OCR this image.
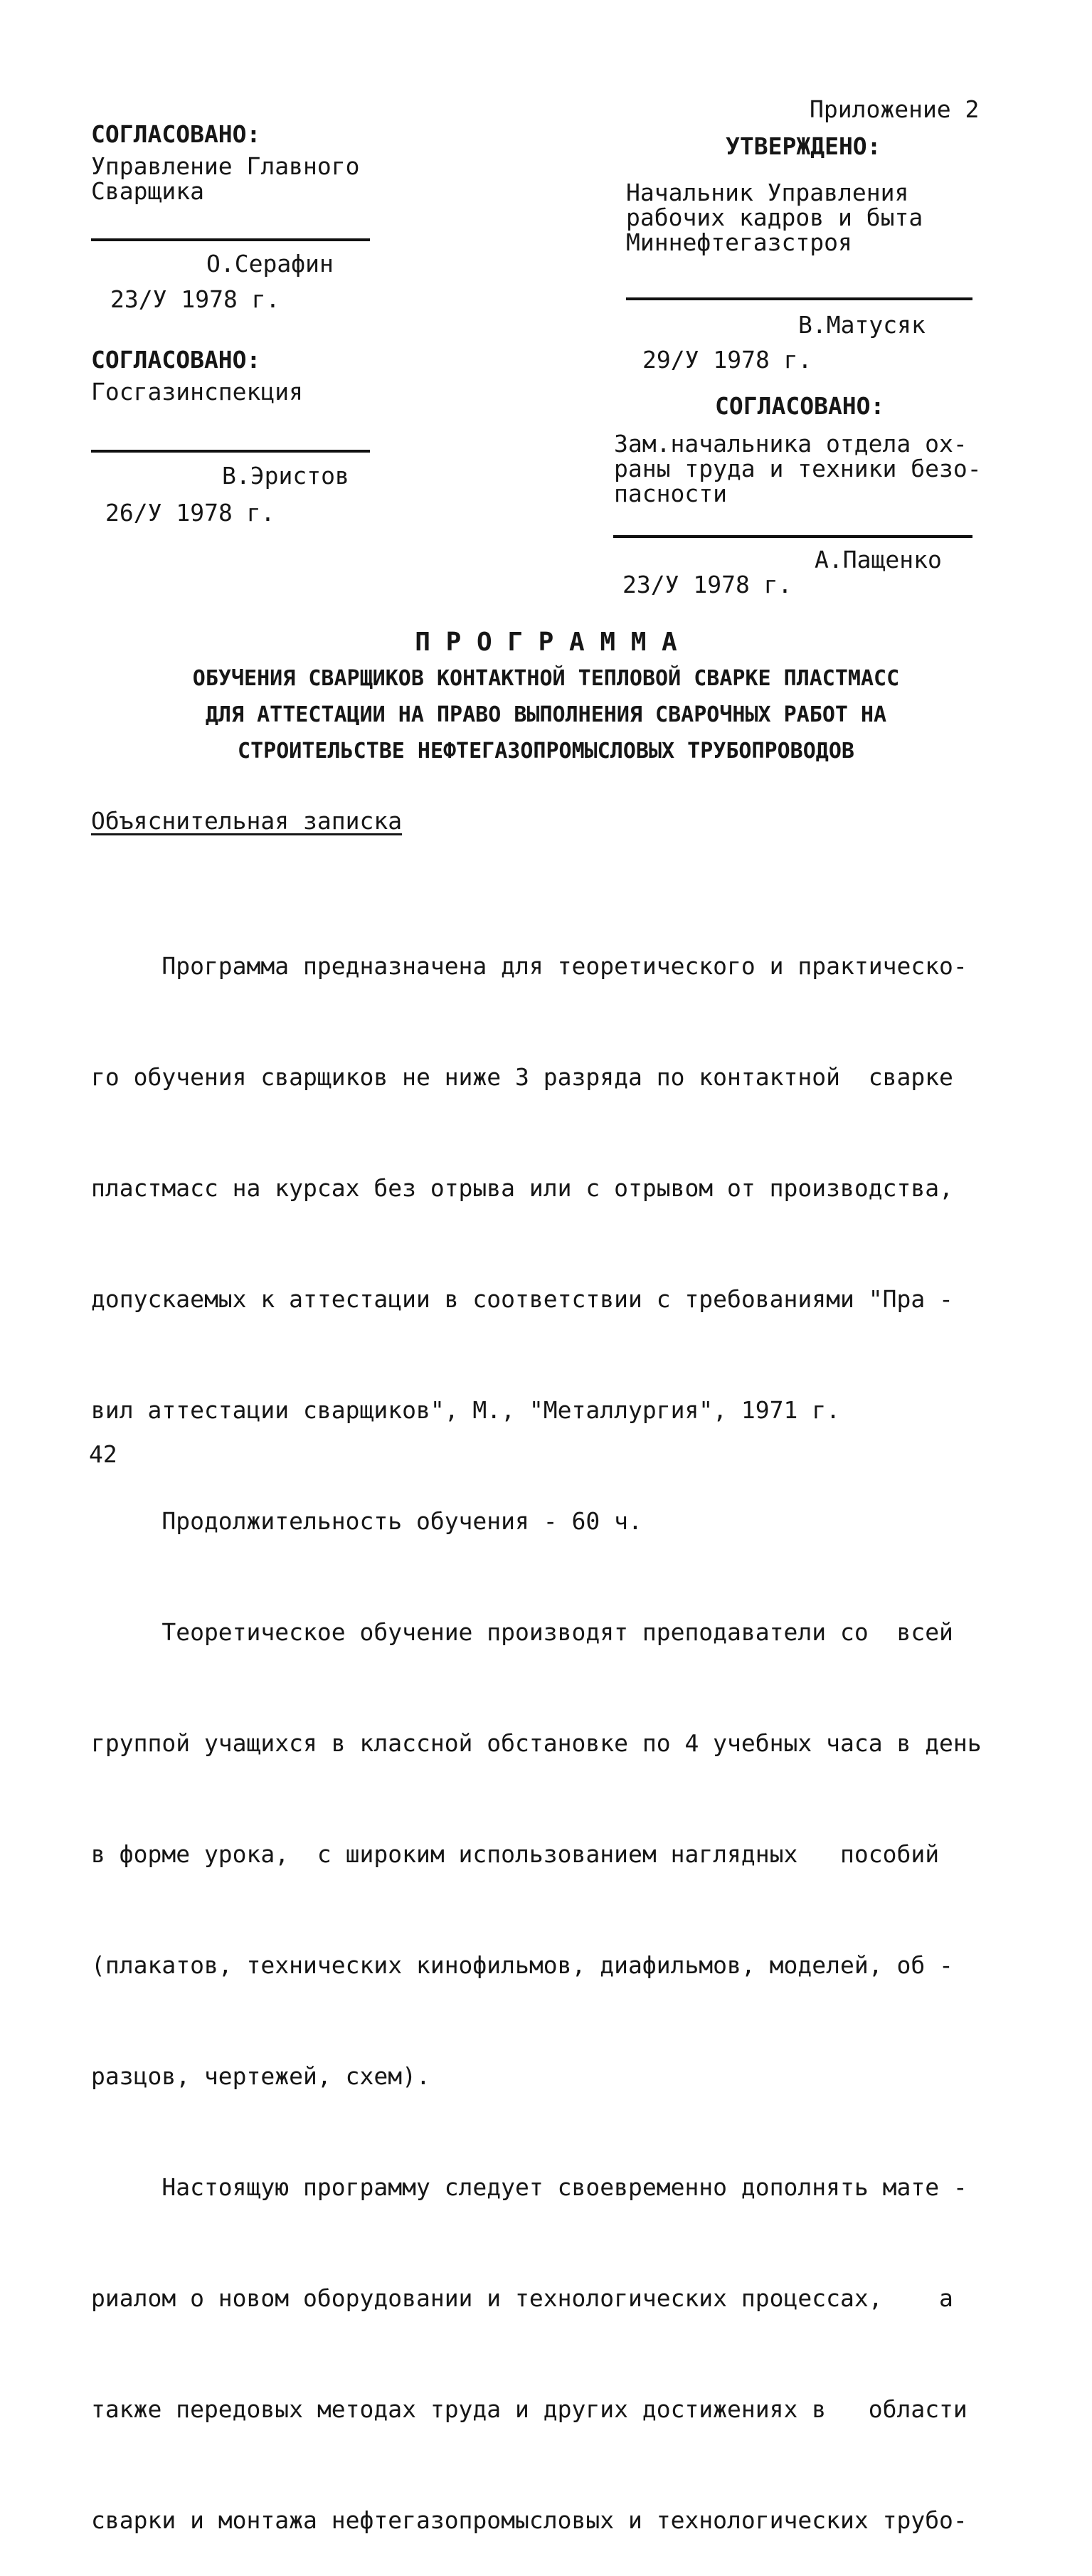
СОГЛАСОВАНО:
Управление Главного
Сварщика
О.Серафин
23/У 1978 г.
СОГЛАСОВАНО:
Госгазинспекция
В.Эристов
26/У 1978 г.
Приложение 2
УТВЕРЖДЕНО:
Начальник Управления
рабочих кадров и быта
Миннефтегазстроя
В.Матусяк
29/У 1978 г.
СОГЛАСОВАНО:
Зам.начальника отдела ох-
раны труда и техники безо-
пасности
А.Пащенко
23/У 1978 г.
П Р О Г Р А М М А
ОБУЧЕНИЯ СВАРЩИКОВ КОНТАКТНОЙ ТЕПЛОВОЙ СВАРКЕ ПЛАСТМАСС
ДЛЯ АТТЕСТАЦИИ НА ПРАВО ВЫПОЛНЕНИЯ СВАРОЧНЫХ РАБОТ НА
СТРОИТЕЛЬСТВЕ НЕФТЕГАЗОПРОМЫСЛОВЫХ ТРУБОПРОВОДОВ
Объяснительная записка

Программа предназначена для теоретического и практическо-

го обучения сварщиков не ниже 3 разряда по контактной  сварке

пластмасс на курсах без отрыва или с отрывом от производства,

допускаемых к аттестации в соответствии с требованиями "Пра -

вил аттестации сварщиков", М., "Металлургия", 1971 г.

Продолжительность обучения - 60 ч.

Теоретическое обучение производят преподаватели со  всей

группой учащихся в классной обстановке по 4 учебных часа в день

в форме урока,  с широким использованием наглядных   пособий

(плакатов, технических кинофильмов, диафильмов, моделей, об -

разцов, чертежей, схем).

Настоящую программу следует своевременно дополнять мате -

риалом о новом оборудовании и технологических процессах,    а

также передовых методах труда и других достижениях в   области

сварки и монтажа нефтегазопромысловых и технологических трубо-

42
